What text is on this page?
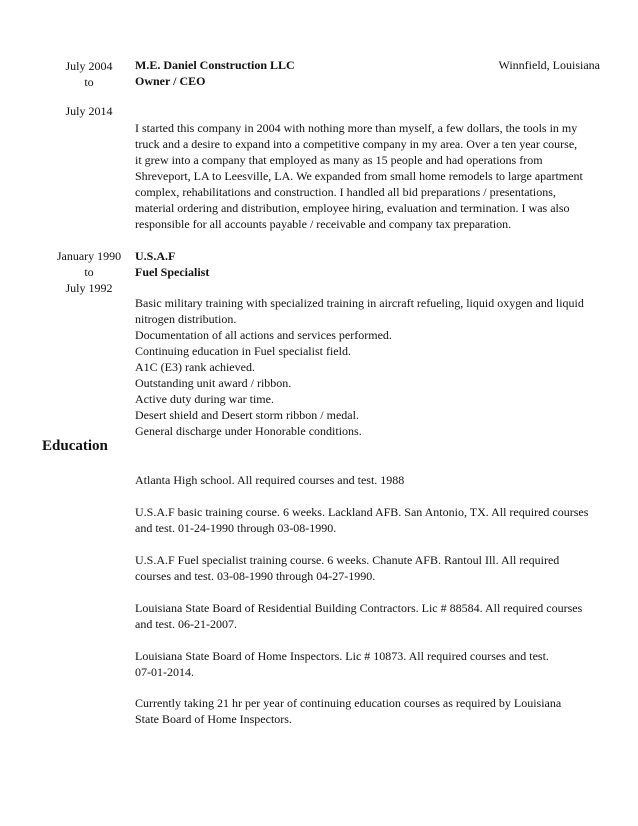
July 2004
to
July 2014
M.E. Daniel Construction LLC
Owner / CEO
Winnfield, Louisiana
I started this company in 2004 with nothing more than myself, a few dollars, the tools in my
truck and a desire to expand into a competitive company in my area. Over a ten year course,
it grew into a company that employed as many as 15 people and had operations from
Shreveport, LA to Leesville, LA. We expanded from small home remodels to large apartment
complex, rehabilitations and construction. I handled all bid preparations / presentations,
material ordering and distribution, employee hiring, evaluation and termination. I was also
responsible for all accounts payable / receivable and company tax preparation.
January 1990
to
July 1992
U.S.A.F
Fuel Specialist
Basic military training with specialized training in aircraft refueling, liquid oxygen and liquid
nitrogen distribution.
Documentation of all actions and services performed.
Continuing education in Fuel specialist field.
A1C (E3) rank achieved.
Outstanding unit award / ribbon.
Active duty during war time.
Desert shield and Desert storm ribbon / medal.
General discharge under Honorable conditions.
Education
Atlanta High school. All required courses and test. 1988
U.S.A.F basic training course. 6 weeks. Lackland AFB. San Antonio, TX. All required courses
and test. 01-24-1990 through 03-08-1990.
U.S.A.F Fuel specialist training course. 6 weeks. Chanute AFB. Rantoul Ill. All required
courses and test. 03-08-1990 through 04-27-1990.
Louisiana State Board of Residential Building Contractors. Lic # 88584. All required courses
and test. 06-21-2007.
Louisiana State Board of Home Inspectors. Lic # 10873. All required courses and test.
07-01-2014.
Currently taking 21 hr per year of continuing education courses as required by Louisiana
State Board of Home Inspectors.
